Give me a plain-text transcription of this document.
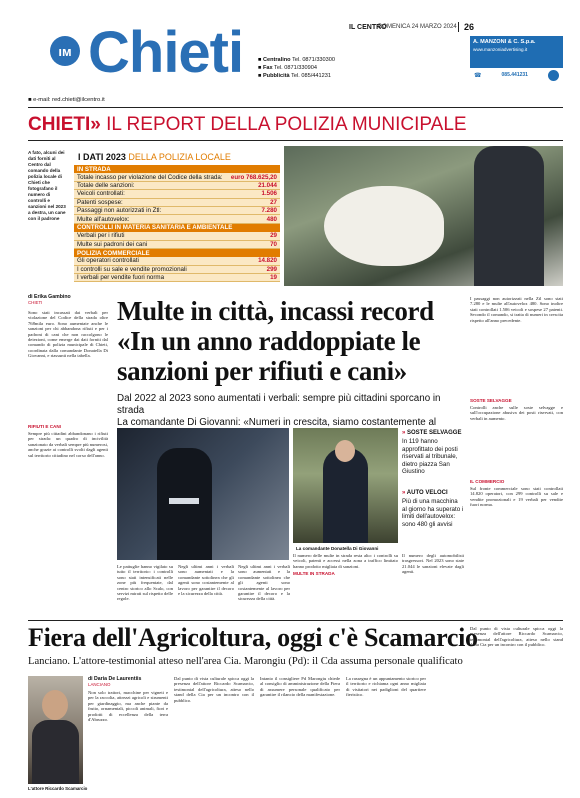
ıᴍ Chieti	IL CENTRO
DOMENICA 24 MARZO 2024 26
■ Centralino Tel. 0871/330300
■ Fax Tel. 0871/330904
■ Pubblicità Tel. 085/441231
A. MANZONI & C. S.p.a.
www.manzoniadvertising.it
☎	085.441231
■ e-mail: red.chieti@ilcentro.it
CHIETI» IL REPORT DELLA POLIZIA MUNICIPALE
A fato, alcuni dei dati forniti al Centro dal comando della polizia locale di Chieti che fotografano il numero di controlli e sanzioni nel 2023 a destra, un cane con il padrone
I DATI 2023
DELLA POLIZIA LOCALE
IN STRADA
Totale incasso per violazione del Codice della strada: euro 768.625,20
Totale delle sanzioni:	21.044
Veicoli controllati:	1.506
Patenti sospese:	27
Passaggi non autorizzati in Ztl:	7.280
Multe all'autovelox:	480
CONTROLLI IN MATERIA SANITARIA E AMBIENTALE
Verbali per i rifiuti	29
Multe sui padroni dei cani	70
POLIZIA COMMERCIALE
Gli operatori controllati	14.820
I controlli su sale e vendite promozionali	299
I verbali per vendite fuori norma	19
di Erika Gambino
CHIETI
Sono stati incassati dai verbali per violazione del Codice della strada oltre 768mila euro. Sono aumentate anche le sanzioni per chi abbandona rifiuti e per i padroni di cani che non raccolgono le deiezioni, come emerge dai dati forniti dal comando di polizia municipale di Chieti, coordinata dalla comandante Donatella Di Giovanni, e riassunti nella tabella.
RIFIUTI E CANI
Sempre più cittadini abbandonano i rifiuti per strada: un quadro di incivilità sanzionato da verbali sempre più numerosi, anche grazie ai controlli svolti dagli agenti sul territorio cittadino nel corso dell'anno.
Multe in città, incassi record «In un anno raddoppiate le sanzioni per rifiuti e cani»
Dal 2022 al 2023 sono aumentati i verbali: sempre più cittadini sporcano in strada
La comandante Di Giovanni: «Numeri in crescita, siamo costantemente al
La comandante Donatella Di Giovanni
» SOSTE SELVAGGE
In 119 hanno approfittato dei posti riservati al tribunale, dietro piazza San Giustino
» AUTO VELOCI
Più di una macchina al giorno ha superato i limiti dell'autovelox: sono 480 gli avvisi
Le pattuglie hanno vigilato su tutto il territorio: i controlli sono stati intensificati nelle zone più frequentate, dal centro storico allo Scalo, con servizi mirati sul rispetto delle regole.
Negli ultimi anni i verbali sono aumentati e la comandante sottolinea che gli agenti sono costantemente al lavoro per garantire il decoro e la sicurezza della città.
Negli ultimi anni i verbali sono aumentati e la comandante sottolinea che gli agenti sono costantemente al lavoro per garantire il decoro e la sicurezza della città.
Il numero delle multe in strada resta alto: i controlli su veicoli, patenti e accessi nella zona a traffico limitato hanno prodotto migliaia di sanzioni.
MULTE IN STRADA
Il numero degli automobilisti trasgressori. Nel 2023 sono state 21.044 le sanzioni elevate dagli agenti.
I passaggi non autorizzati nella Ztl sono stati 7.280 e le multe all'autovelox 480. Sono inoltre stati controllati 1.506 veicoli e sospese 27 patenti. Secondo il comando, si tratta di numeri in crescita rispetto all'anno precedente.
SOSTE SELVAGGE
Controlli anche sulle soste selvagge e sull'occupazione abusiva dei posti riservati, con verbali in aumento.
IL COMMERCIO
Sul fronte commerciale sono stati controllati 14.820 operatori, con 299 controlli su sale e vendite promozionali e 19 verbali per vendite fuori norma.
Fiera dell'Agricoltura, oggi c'è Scamarcio
Lanciano. L'attore-testimonial atteso nell'area Cia. Marongiu (Pd): il Cda assuma personale qualificato
L'attore Riccardo Scamarcio
di Daria De Laurentiis
LANCIANO
Non solo trattori, macchine per vigneti e per la raccolta, attrezzi agricoli e strumenti per giardinaggio, ma anche piante da frutto, ornamentali, piccoli animali, fiori e prodotti di eccellenza della terra d'Abruzzo.
Dal punto di vista culturale spicca oggi la presenza dell'attore Riccardo Scamarcio, testimonial dell'agricoltura, atteso nello stand della Cia per un incontro con il pubblico.
Intanto il consigliere Pd Marongiu chiede al consiglio di amministrazione della Fiera di assumere personale qualificato per garantire il rilancio della manifestazione.
La rassegna è un appuntamento storico per il territorio e richiama ogni anno migliaia di visitatori nei padiglioni del quartiere fieristico.
Dal punto di vista culturale spicca oggi la presenza dell'attore Riccardo Scamarcio, testimonial dell'agricoltura, atteso nello stand della Cia per un incontro con il pubblico.
